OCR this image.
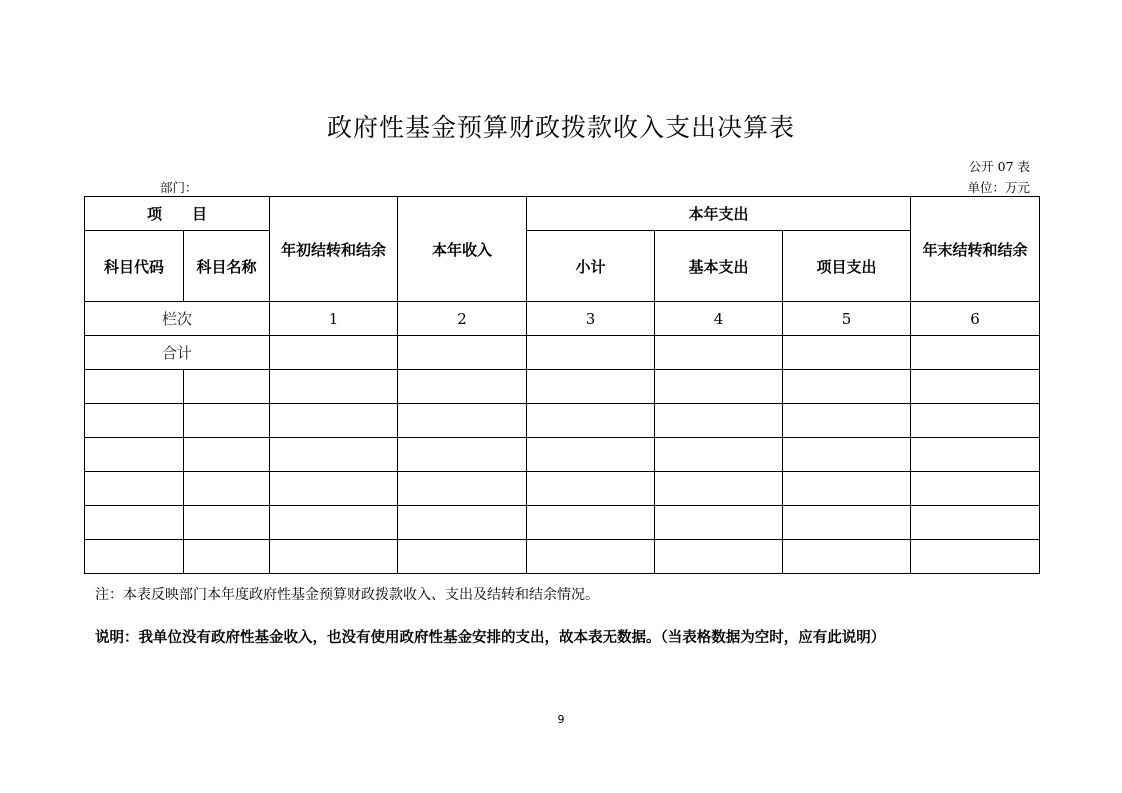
政府性基金预算财政拨款收入支出决算表
公开 07 表
部门：	单位：万元
项　　目		年初结转和结余	本年收入	本年支出			年末结转和结余
科目代码	科目名称			小计	基本支出	项目支出	
栏次		1	2	3	4	5	6
合计							

注：本表反映部门本年度政府性基金预算财政拨款收入、支出及结转和结余情况。
说明：我单位没有政府性基金收入，也没有使用政府性基金安排的支出，故本表无数据。（当表格数据为空时，应有此说明）
9
